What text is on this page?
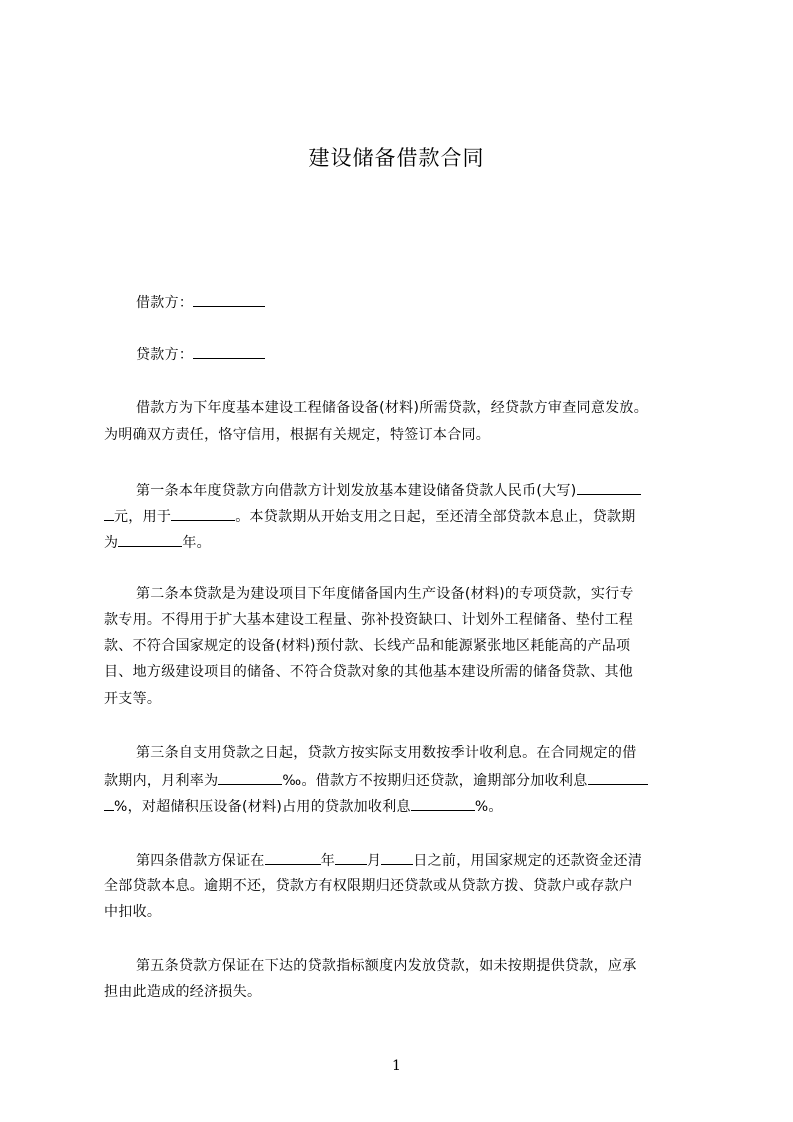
建设储备借款合同
借款方：
贷款方：
借款方为下年度基本建设工程储备设备(材料)所需贷款，经贷款方审查同意发放。
为明确双方责任，恪守信用，根据有关规定，特签订本合同。
第一条本年度贷款方向借款方计划发放基本建设储备贷款人民币(大写)
元，用于	。本贷款期从开始支用之日起，至还清全部贷款本息止，贷款期
为	年。
第二条本贷款是为建设项目下年度储备国内生产设备(材料)的专项贷款，实行专
款专用。不得用于扩大基本建设工程量、弥补投资缺口、计划外工程储备、垫付工程
款、不符合国家规定的设备(材料)预付款、长线产品和能源紧张地区耗能高的产品项
目、地方级建设项目的储备、不符合贷款对象的其他基本建设所需的储备贷款、其他
开支等。
第三条自支用贷款之日起，贷款方按实际支用数按季计收利息。在合同规定的借
款期内，月利率为	‰。借款方不按期归还贷款，逾期部分加收利息
%，对超储积压设备(材料)占用的贷款加收利息	%。
第四条借款方保证在	年 月 日之前，用国家规定的还款资金还清
全部贷款本息。逾期不还，贷款方有权限期归还贷款或从贷款方拨、贷款户或存款户
中扣收。
第五条贷款方保证在下达的贷款指标额度内发放贷款，如未按期提供贷款，应承
担由此造成的经济损失。
1
